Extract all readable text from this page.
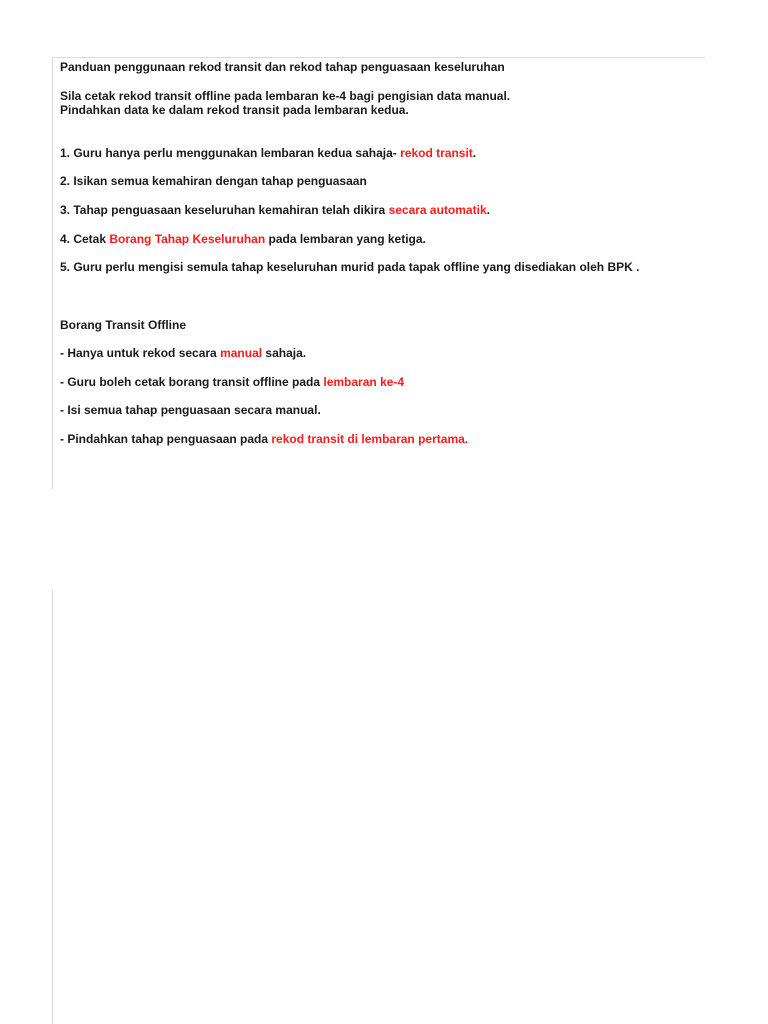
Panduan penggunaan rekod transit dan rekod tahap penguasaan keseluruhan
Sila cetak rekod transit offline pada lembaran ke-4 bagi pengisian data manual.
Pindahkan data ke dalam rekod transit pada lembaran kedua.
1. Guru hanya perlu menggunakan lembaran kedua sahaja- rekod transit.
2. Isikan semua kemahiran dengan tahap penguasaan
3. Tahap penguasaan keseluruhan kemahiran telah dikira secara automatik.
4. Cetak Borang Tahap Keseluruhan pada lembaran yang ketiga.
5. Guru perlu mengisi semula tahap keseluruhan murid pada tapak offline yang disediakan oleh BPK .
Borang Transit Offline
- Hanya untuk rekod secara manual sahaja.
- Guru boleh cetak borang transit offline pada lembaran ke-4
- Isi semua tahap penguasaan secara manual.
- Pindahkan tahap penguasaan pada rekod transit di lembaran pertama.
